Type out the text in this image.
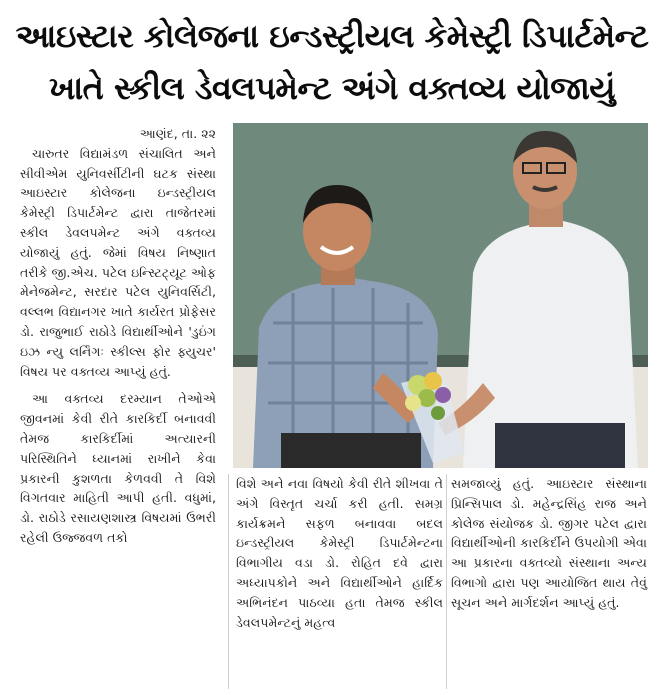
આઇસ્ટાર કોલેજના ઇન્ડસ્ટ્રીયલ કેમેસ્ટ્રી ડિપાર્ટમેન્ટ
ખાતે સ્કીલ ડેવલપમેન્ટ અંગે વક્તવ્ય યોજાયું
આણંદ, તા. ૨૨

ચારુતર વિદ્યામંડળ સંચાલિત અને સીવીએમ યુનિવર્સીટીની ઘટક સંસ્થા આઇસ્ટાર કોલેજના ઇન્ડસ્ટ્રીયલ કેમેસ્ટ્રી ડિપાર્ટમેન્ટ દ્વારા તાજેતરમાં સ્કીલ ડેવલપમેન્ટ અંગે વક્તવ્ય યોજાયું હતું. જેમાં વિષય નિષ્ણાત તરીકે જી.એચ. પટેલ ઇન્સ્ટિટ્યૂટ ઓફ મેનેજમેન્ટ, સરદાર પટેલ યુનિવર્સિટી, વલ્લભ વિદ્યાનગર ખાતે કાર્યરત પ્રોફેસર ડો. રાજુભાઈ રાઠોડે વિદ્યાર્થીઓને 'ડુઇંગ ઇઝ ન્યુ લર્નિંગઃ સ્કીલ્સ ફોર ફ્યુચર' વિષય પર વક્તવ્ય આપ્યું હતું.

આ વક્તવ્ય દરમ્યાન તેઓએ જીવનમાં કેવી રીતે કારકિર્દી બનાવવી તેમજ કારકિર્દીમાં અત્યારની પરિસ્થિતિને ધ્યાનમાં રાખીને કેવા પ્રકારની કુશળતા કેળવવી તે વિશે વિગતવાર માહિતી આપી હતી. વધુમાં, ડો. રાઠોડે રસાયણશાસ્ત્ર વિષયમાં ઉભરી રહેલી ઉજ્જવળ તકો

વિશે અને નવા વિષયો કેવી રીતે શીખવા તે અંગે વિસ્તૃત ચર્ચા કરી હતી. સમગ્ર કાર્યક્રમને સફળ બનાવવા બદલ ઇન્ડસ્ટ્રીયલ કેમેસ્ટ્રી ડિપાર્ટમેન્ટના વિભાગીય વડા ડો. રોહિત દવે દ્વારા અધ્યાપકોને અને વિદ્યાર્થીઓને હાર્દિક અભિનંદન પાઠવ્યા હતા તેમજ સ્કીલ ડેવલપમેન્ટનું મહત્વ

સમજાવ્યું હતું. આઇસ્ટાર સંસ્થાના પ્રિન્સિપાલ ડો. મહેન્દ્રસિંહ રાજ અને કોલેજ સંયોજક ડો. જીગર પટેલ દ્વારા વિદ્યાર્થીઓની કારકિર્દીને ઉપયોગી એવા આ પ્રકારના વક્તવ્યો સંસ્થાના અન્ય વિભાગો દ્વારા પણ આયોજિત થાય તેવું સૂચન અને માર્ગદર્શન આપ્યું હતું.
